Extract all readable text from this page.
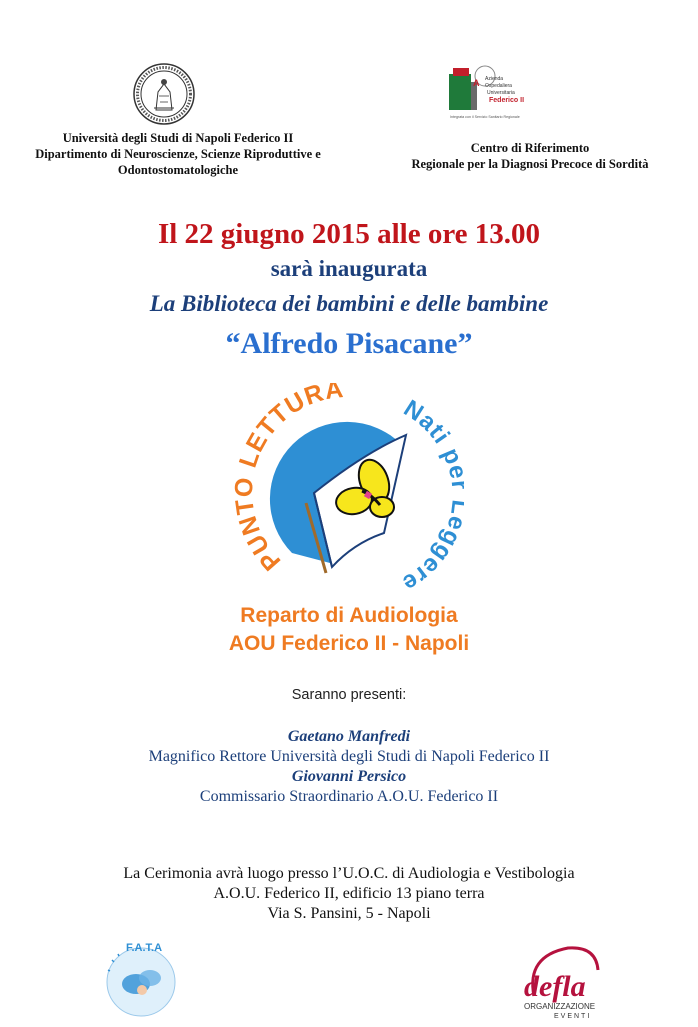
A Azienda
Ospedaliera
Universitaria
Federico II
Integrata con il Servizio Sanitario Regionale
Università degli Studi di Napoli Federico II
Dipartimento di Neuroscienze, Scienze Riproduttive e
Odontostomatologiche
Centro di Riferimento
Regionale per la Diagnosi Precoce di Sordità
Il 22 giugno 2015 alle ore 13.00
sarà inaugurata
La Biblioteca dei bambini e delle bambine
“Alfredo Pisacane”
PUN LETTURA
Nati ggere
Reparto di Audiologia
AOU Federico II - Napoli
Saranno presenti:
Gaetano Manfredi
Magnifico Rettore Università degli Studi di Napoli Federico II
Giovanni Persico
Commissario Straordinario A.O.U. Federico II
La Cerimonia avrà luogo presso l’U.O.C. di Audiologia e Vestibologia
A.O.U. Federico II, edificio 13 piano terra
Via S. Pansini, 5 - Napoli
F.A.T.A
defla
ORGANIZZAZIONE
EVENTI
